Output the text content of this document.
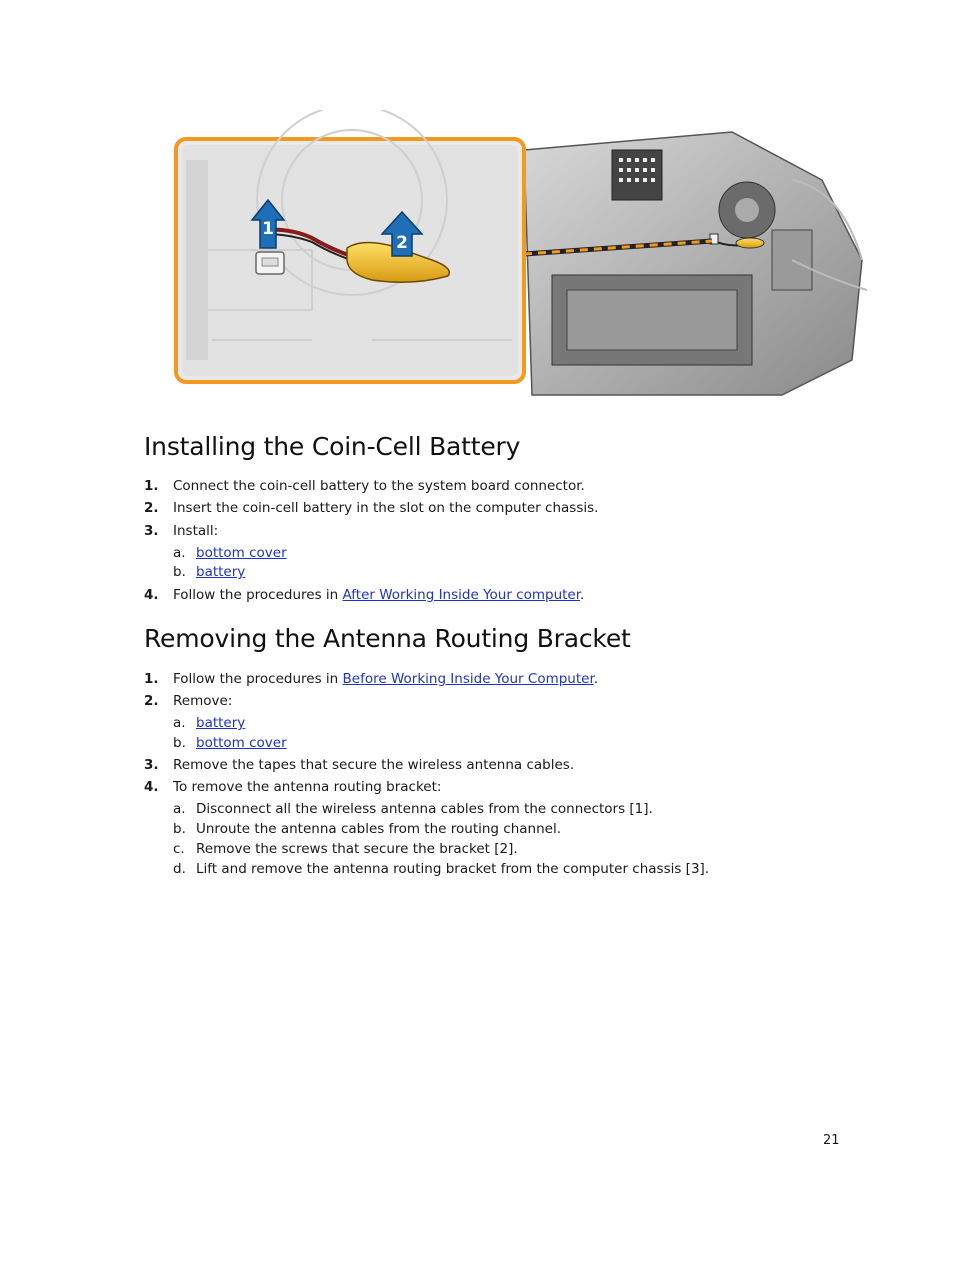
1
2
Installing the Coin-Cell Battery
1. Connect the coin-cell battery to the system board connector.
2. Insert the coin-cell battery in the slot on the computer chassis.
3. Install:
a. bottom cover
b. battery
4. Follow the procedures in After Working Inside Your computer.
Removing the Antenna Routing Bracket
1. Follow the procedures in Before Working Inside Your Computer.
2. Remove:
a. battery
b. bottom cover
3. Remove the tapes that secure the wireless antenna cables.
4. To remove the antenna routing bracket:
a. Disconnect all the wireless antenna cables from the connectors [1].
b. Unroute the antenna cables from the routing channel.
c. Remove the screws that secure the bracket [2].
d. Lift and remove the antenna routing bracket from the computer chassis [3].
21
